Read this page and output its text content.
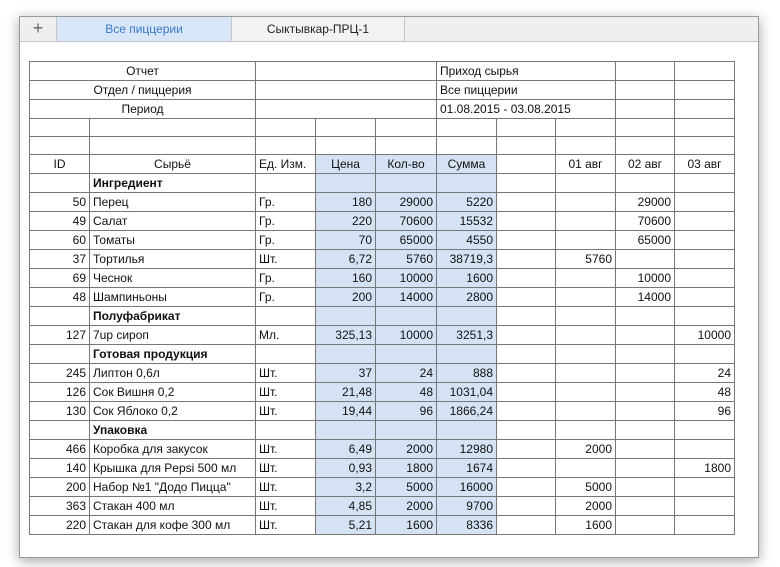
+	Все пиццерии	Сыктывкар-ПРЦ-1
Отчет					Приход сырья				
Отдел / пиццерия					Все пиццерии				
Период					01.08.2015 - 03.08.2015				

ID	Сырьё	Ед. Изм.	Цена	Кол-во	Сумма		01 авг	02 авг	03 авг
	Ингредиент								
50	Перец	Гр.	180	29000	5220			29000	
49	Салат	Гр.	220	70600	15532			70600	
60	Томаты	Гр.	70	65000	4550			65000	
37	Тортилья	Шт.	6,72	5760	38719,3		5760		
69	Чеснок	Гр.	160	10000	1600			10000	
48	Шампиньоны	Гр.	200	14000	2800			14000	
	Полуфабрикат								
127	7up сироп	Мл.	325,13	10000	3251,3				10000
	Готовая продукция								
245	Липтон 0,6л	Шт.	37	24	888				24
126	Сок Вишня 0,2	Шт.	21,48	48	1031,04				48
130	Сок Яблоко 0,2	Шт.	19,44	96	1866,24				96
	Упаковка								
466	Коробка для закусок	Шт.	6,49	2000	12980		2000		
140	Крышка для Pepsi 500 мл	Шт.	0,93	1800	1674				1800
200	Набор №1 "Додо Пицца"	Шт.	3,2	5000	16000		5000		
363	Стакан 400 мл	Шт.	4,85	2000	9700		2000		
220	Стакан для кофе 300 мл	Шт.	5,21	1600	8336		1600		
